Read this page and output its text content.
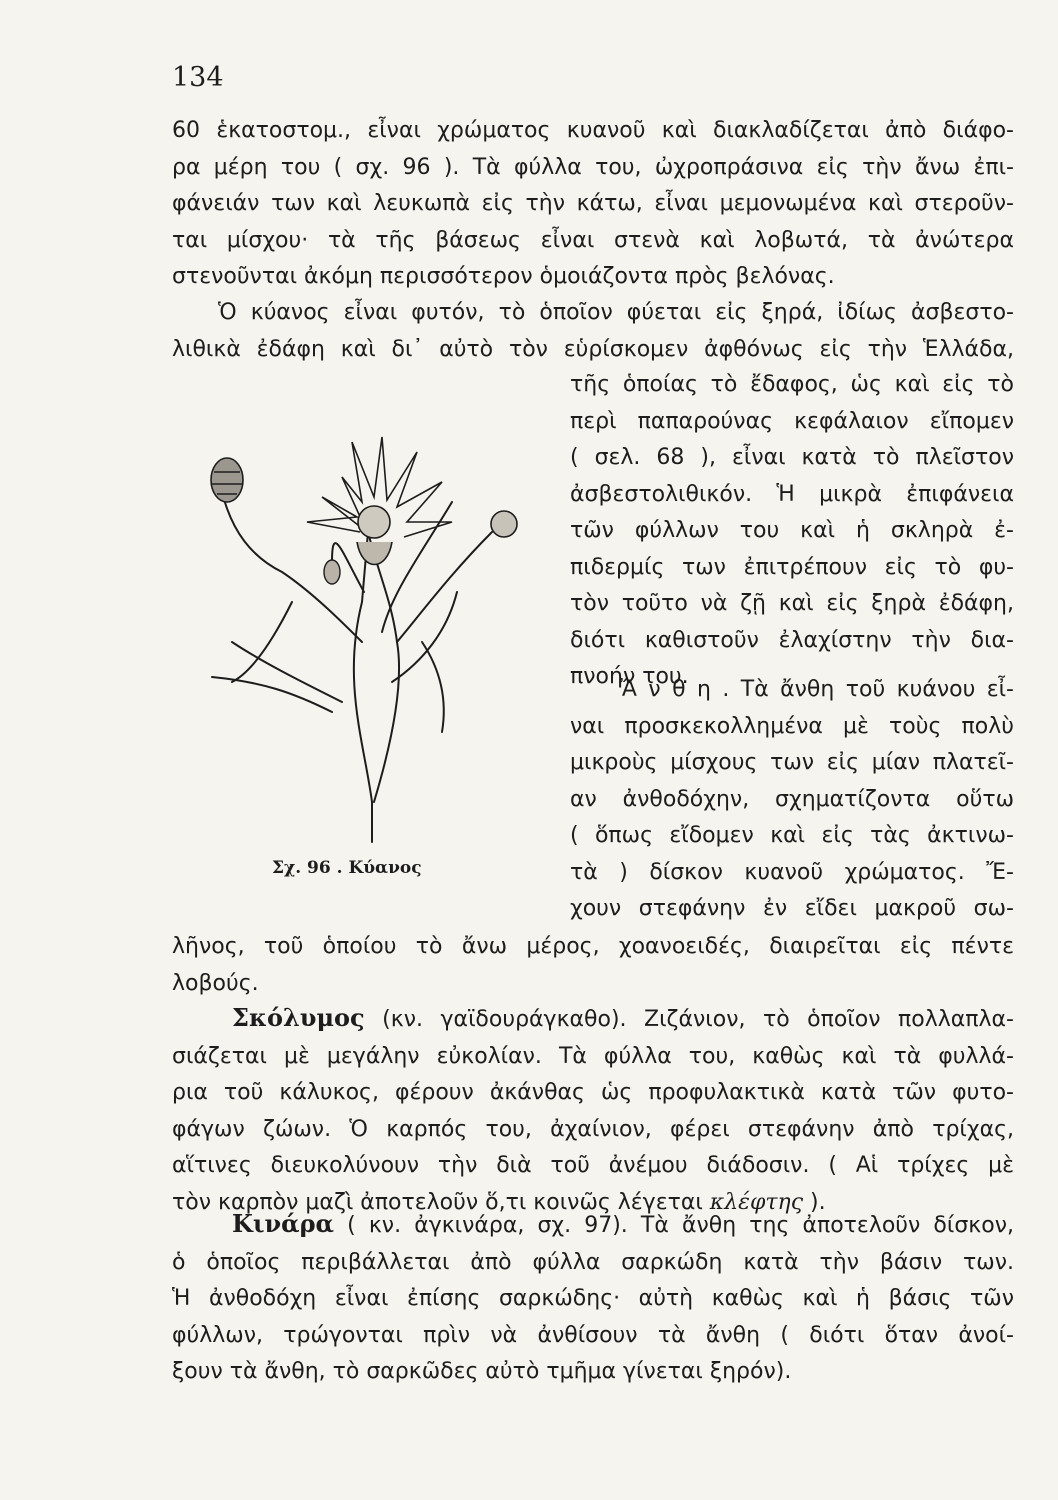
134
60 ἑκατοστομ., εἶναι χρώματος κυανοῦ καὶ διακλαδίζεται ἀπὸ διάφο-
ρα μέρη του ( σχ. 96 ). Τὰ φύλλα του, ὠχροπράσινα εἰς τὴν ἄνω ἐπι-
φάνειάν των καὶ λευκωπὰ εἰς τὴν κάτω, εἶναι μεμονωμένα καὶ στεροῦν-
ται μίσχου· τὰ τῆς βάσεως εἶναι στενὰ καὶ λοβωτά, τὰ ἀνώτερα
στενοῦνται ἀκόμη περισσότερον ὁμοιάζοντα πρὸς βελόνας.
Ὁ κύανος εἶναι φυτόν, τὸ ὁποῖον φύεται εἰς ξηρά, ἰδίως ἀσβεστο-
λιθικὰ ἐδάφη καὶ δι᾽ αὐτὸ τὸν εὑρίσκομεν ἀφθόνως εἰς τὴν Ἑλλάδα,
τῆς ὁποίας τὸ ἔδαφος, ὡς καὶ εἰς τὸ
περὶ παπαρούνας κεφάλαιον εἴπομεν
( σελ. 68 ), εἶναι κατὰ τὸ πλεῖστον
ἀσβεστολιθικόν. Ἡ μικρὰ ἐπιφάνεια
τῶν φύλλων του καὶ ἡ σκληρὰ ἐ-
πιδερμίς των ἐπιτρέπουν εἰς τὸ φυ-
τὸν τοῦτο νὰ ζῇ καὶ εἰς ξηρὰ ἐδάφη,
διότι καθιστοῦν ἐλαχίστην τὴν δια-
πνοήν του.
Ἄ ν θ η . Τὰ ἄνθη τοῦ κυάνου εἶ-
ναι προσκεκολλημένα μὲ τοὺς πολὺ
μικροὺς μίσχους των εἰς μίαν πλατεῖ-
αν ἀνθοδόχην, σχηματίζοντα οὕτω
( ὅπως εἴδομεν καὶ εἰς τὰς ἀκτινω-
τὰ ) δίσκον κυανοῦ χρώματος. Ἔ-
χουν στεφάνην ἐν εἴδει μακροῦ σω-
λῆνος, τοῦ ὁποίου τὸ ἄνω μέρος, χοανοειδές, διαιρεῖται εἰς πέντε
λοβούς.
Σκόλυμος (κν. γαϊδουράγκαθο). Ζιζάνιον, τὸ ὁποῖον πολλαπλα-
σιάζεται μὲ μεγάλην εὐκολίαν. Τὰ φύλλα του, καθὼς καὶ τὰ φυλλά-
ρια τοῦ κάλυκος, φέρουν ἀκάνθας ὡς προφυλακτικὰ κατὰ τῶν φυτο-
φάγων ζώων. Ὁ καρπός του, ἀχαίνιον, φέρει στεφάνην ἀπὸ τρίχας,
αἵτινες διευκολύνουν τὴν διὰ τοῦ ἀνέμου διάδοσιν. ( Αἱ τρίχες μὲ
τὸν καρπὸν μαζὶ ἀποτελοῦν ὅ,τι κοινῶς λέγεται κλέφτης ).
Κινάρα ( κν. ἀγκινάρα, σχ. 97). Τὰ ἄνθη της ἀποτελοῦν δίσκον,
ὁ ὁποῖος περιβάλλεται ἀπὸ φύλλα σαρκώδη κατὰ τὴν βάσιν των.
Ἡ ἀνθοδόχη εἶναι ἐπίσης σαρκώδης· αὐτὴ καθὼς καὶ ἡ βάσις τῶν
φύλλων, τρώγονται πρὶν νὰ ἀνθίσουν τὰ ἄνθη ( διότι ὅταν ἀνοί-
ξουν τὰ ἄνθη, τὸ σαρκῶδες αὐτὸ τμῆμα γίνεται ξηρόν).
Σχ. 96 . Κύανος
